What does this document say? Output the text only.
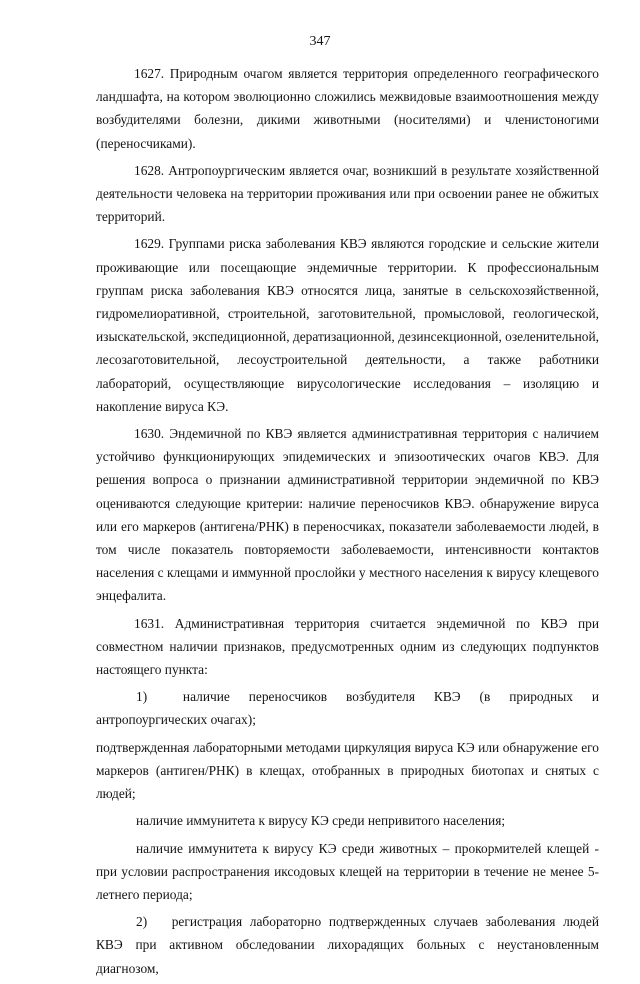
347

1627. Природным очагом является территория определенного географического ландшафта, на котором эволюционно сложились межвидовые взаимоотношения между возбудителями болезни, дикими животными (носителями) и членистоногими (переносчиками).

1628. Антропоургическим является очаг, возникший в результате хозяйственной деятельности человека на территории проживания или при освоении ранее не обжитых территорий.

1629. Группами риска заболевания КВЭ являются городские и сельские жители проживающие или посещающие эндемичные территории. К профессиональным группам риска заболевания КВЭ относятся лица, занятые в сельскохозяйственной, гидромелиоративной, строительной, заготовительной, промысловой, геологической, изыскательской, экспедиционной, дератизационной, дезинсекционной, озеленительной, лесозаготовительной, лесоустроительной деятельности, а также работники лабораторий, осуществляющие вирусологические исследования – изоляцию и накопление вируса КЭ.

1630. Эндемичной по КВЭ является административная территория с наличием устойчиво функционирующих эпидемических и эпизоотических очагов КВЭ. Для решения вопроса о признании административной территории эндемичной по КВЭ оцениваются следующие критерии: наличие переносчиков КВЭ. обнаружение вируса или его маркеров (антигена/РНК) в переносчиках, показатели заболеваемости людей, в том числе показатель повторяемости заболеваемости, интенсивности контактов населения с клещами и иммунной прослойки у местного населения к вирусу клещевого энцефалита.

1631. Административная территория считается эндемичной по КВЭ при совместном наличии признаков, предусмотренных одним из следующих подпунктов настоящего пункта:

1)	наличие переносчиков возбудителя КВЭ (в природных и антропоургических очагах);

подтвержденная лабораторными методами циркуляция вируса КЭ или обнаружение его маркеров (антиген/РНК) в клещах, отобранных в природных биотопах и снятых с людей;

наличие иммунитета к вирусу КЭ среди непривитого населения;

наличие иммунитета к вирусу КЭ среди животных – прокормителей клещей - при условии распространения иксодовых клещей на территории в течение не менее 5-летнего периода;

2) регистрация лабораторно подтвержденных случаев заболевания людей КВЭ при активном обследовании лихорадящих больных с неустановленным диагнозом,
